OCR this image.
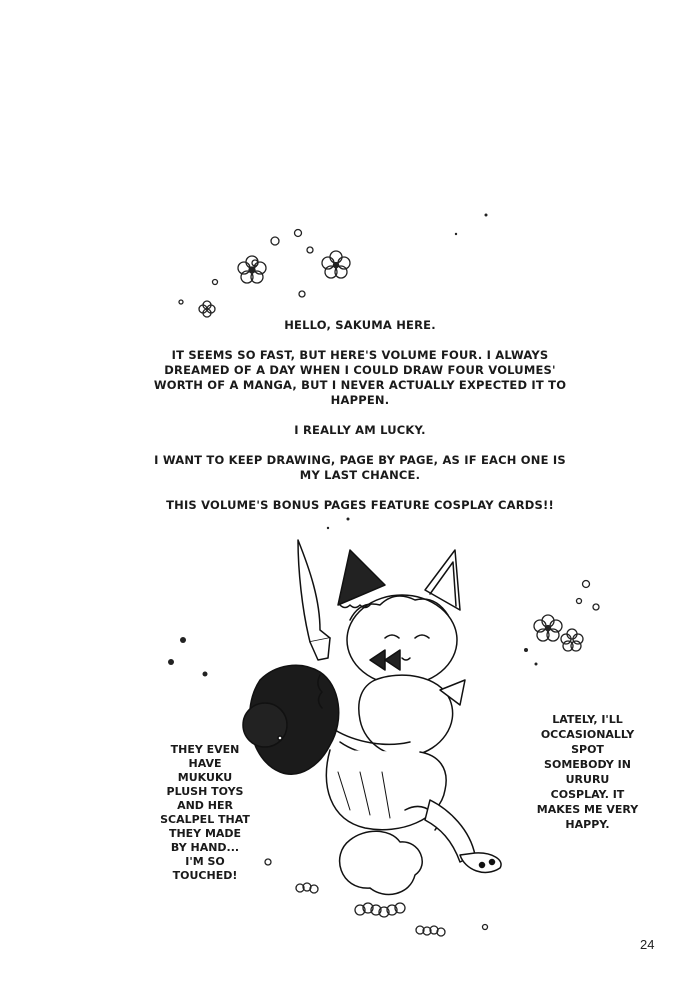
HELLO, SAKUMA HERE.

IT SEEMS SO FAST, BUT HERE'S VOLUME FOUR. I ALWAYS DREAMED OF A DAY WHEN I COULD DRAW FOUR VOLUMES' WORTH OF A MANGA, BUT I NEVER ACTUALLY EXPECTED IT TO HAPPEN.

I REALLY AM LUCKY.

I WANT TO KEEP DRAWING, PAGE BY PAGE, AS IF EACH ONE IS MY LAST CHANCE.

THIS VOLUME'S BONUS PAGES FEATURE COSPLAY CARDS!!

THEY EVEN HAVE MUKUKU PLUSH TOYS AND HER SCALPEL THAT THEY MADE BY HAND... I'M SO TOUCHED!
LATELY, I'LL OCCASIONALLY SPOT SOMEBODY IN URURU COSPLAY. IT MAKES ME VERY HAPPY.
24
